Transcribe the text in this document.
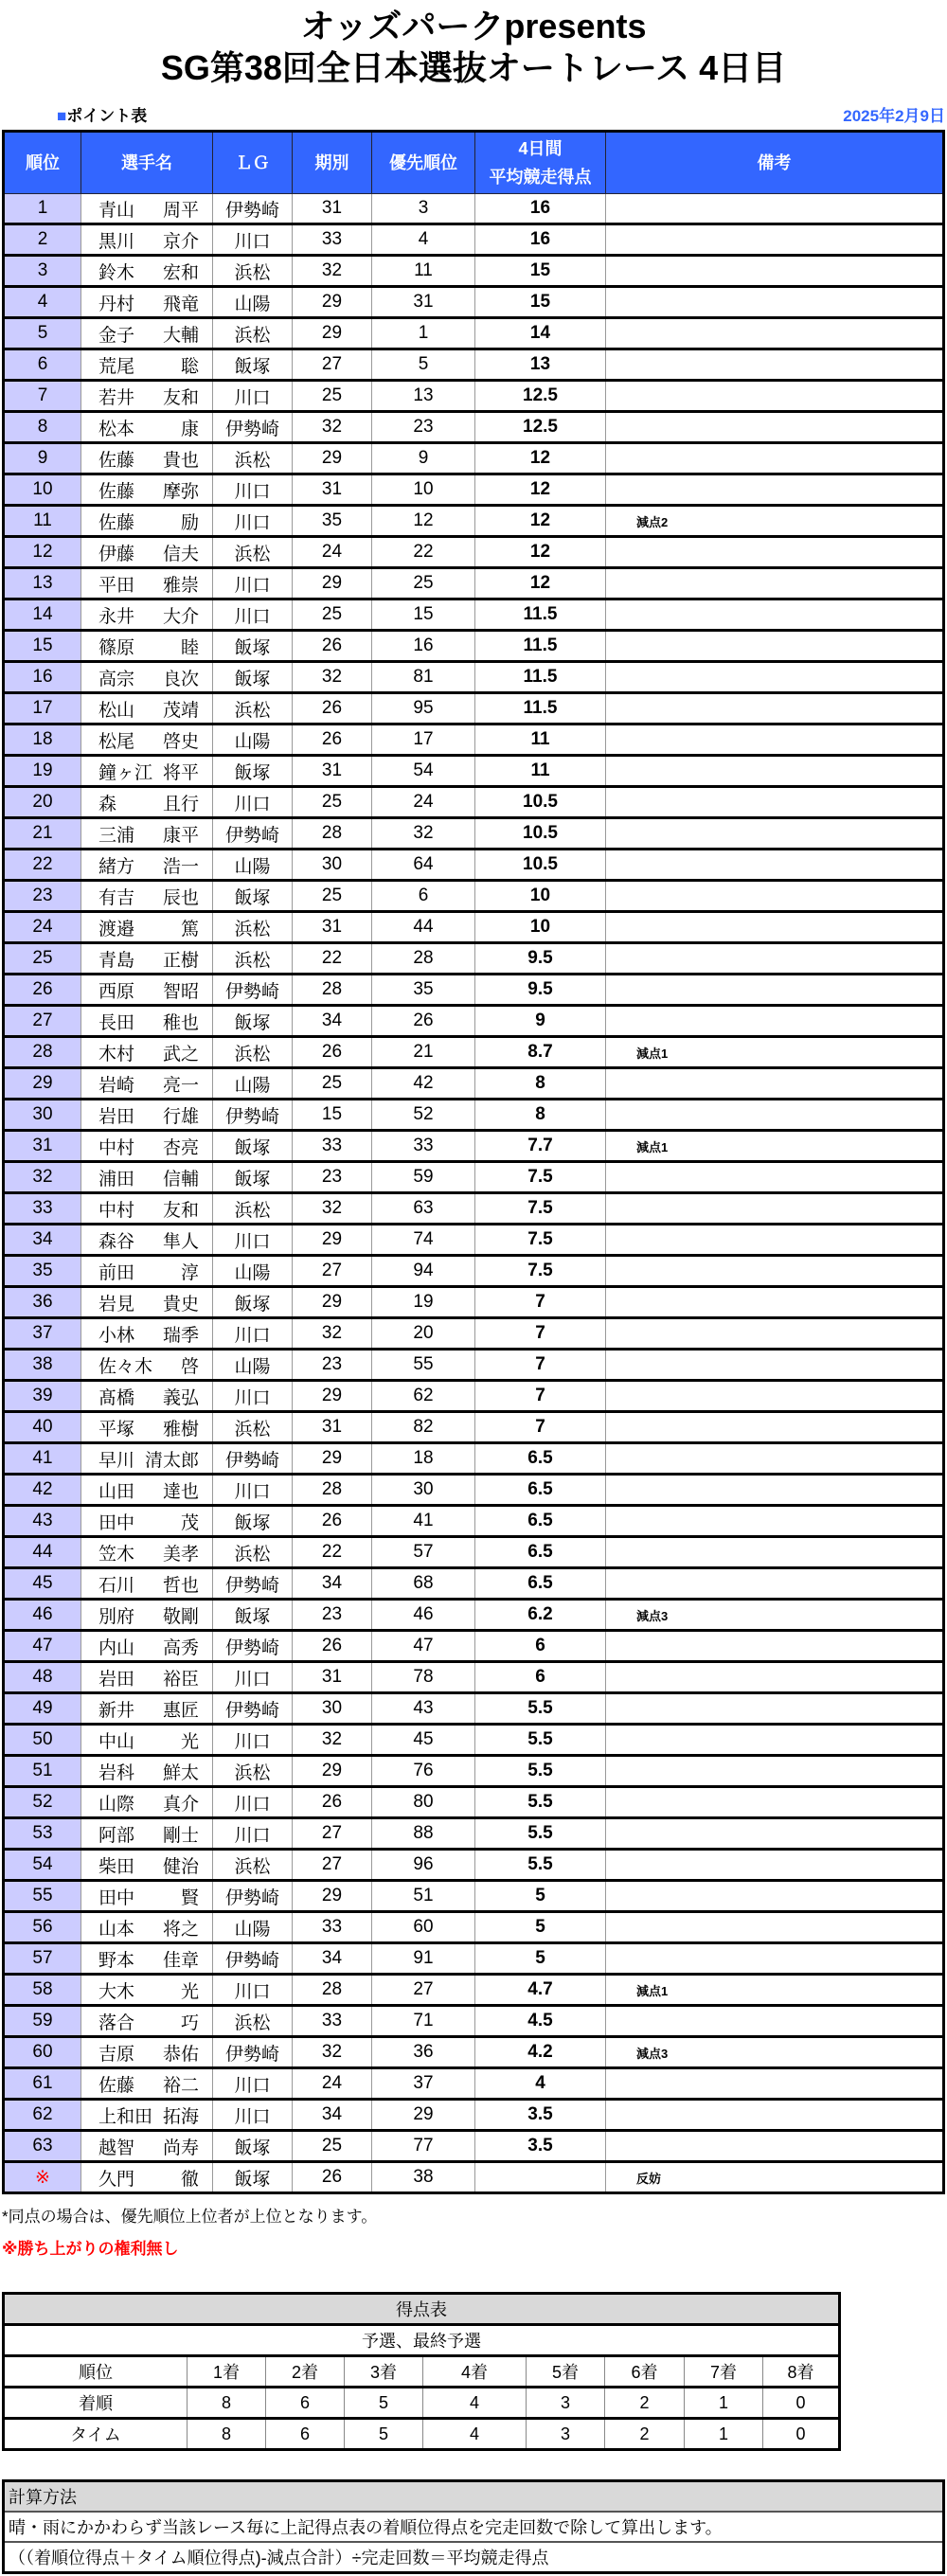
オッズパークpresents
SG第38回全日本選抜オートレース 4日目
■ポイント表	2025年2月9日
順位	選手名	ＬＧ	期別	優先順位	4日間
平均競走得点	備考
1	青山 周平	伊勢崎	31	3	16	
2	黒川 京介	川口	33	4	16	
3	鈴木 宏和	浜松	32	11	15	
4	丹村 飛竜	山陽	29	31	15	
5	金子 大輔	浜松	29	1	14	
6	荒尾 聡	飯塚	27	5	13	
7	若井 友和	川口	25	13	12.5	
8	松本 康	伊勢崎	32	23	12.5	
9	佐藤 貴也	浜松	29	9	12	
10	佐藤 摩弥	川口	31	10	12	
11	佐藤 励	川口	35	12	12	減点2
12	伊藤 信夫	浜松	24	22	12	
13	平田 雅崇	川口	29	25	12	
14	永井 大介	川口	25	15	11.5	
15	篠原 睦	飯塚	26	16	11.5	
16	高宗 良次	飯塚	32	81	11.5	
17	松山 茂靖	浜松	26	95	11.5	
18	松尾 啓史	山陽	26	17	11	
19	鐘ヶ江 将平	飯塚	31	54	11	
20	森 且行	川口	25	24	10.5	
21	三浦 康平	伊勢崎	28	32	10.5	
22	緒方 浩一	山陽	30	64	10.5	
23	有吉 辰也	飯塚	25	6	10	
24	渡邉 篤	浜松	31	44	10	
25	青島 正樹	浜松	22	28	9.5	
26	西原 智昭	伊勢崎	28	35	9.5	
27	長田 稚也	飯塚	34	26	9	
28	木村 武之	浜松	26	21	8.7	減点1
29	岩崎 亮一	山陽	25	42	8	
30	岩田 行雄	伊勢崎	15	52	8	
31	中村 杏亮	飯塚	33	33	7.7	減点1
32	浦田 信輔	飯塚	23	59	7.5	
33	中村 友和	浜松	32	63	7.5	
34	森谷 隼人	川口	29	74	7.5	
35	前田 淳	山陽	27	94	7.5	
36	岩見 貴史	飯塚	29	19	7	
37	小林 瑞季	川口	32	20	7	
38	佐々木 啓	山陽	23	55	7	
39	髙橋 義弘	川口	29	62	7	
40	平塚 雅樹	浜松	31	82	7	
41	早川 清太郎	伊勢崎	29	18	6.5	
42	山田 達也	川口	28	30	6.5	
43	田中 茂	飯塚	26	41	6.5	
44	笠木 美孝	浜松	22	57	6.5	
45	石川 哲也	伊勢崎	34	68	6.5	
46	別府 敬剛	飯塚	23	46	6.2	減点3
47	内山 高秀	伊勢崎	26	47	6	
48	岩田 裕臣	川口	31	78	6	
49	新井 惠匠	伊勢崎	30	43	5.5	
50	中山 光	川口	32	45	5.5	
51	岩科 鮮太	浜松	29	76	5.5	
52	山際 真介	川口	26	80	5.5	
53	阿部 剛士	川口	27	88	5.5	
54	柴田 健治	浜松	27	96	5.5	
55	田中 賢	伊勢崎	29	51	5	
56	山本 将之	山陽	33	60	5	
57	野本 佳章	伊勢崎	34	91	5	
58	大木 光	川口	28	27	4.7	減点1
59	落合 巧	浜松	33	71	4.5	
60	吉原 恭佑	伊勢崎	32	36	4.2	減点3
61	佐藤 裕二	川口	24	37	4	
62	上和田 拓海	川口	34	29	3.5	
63	越智 尚寿	飯塚	25	77	3.5	
※	久門 徹	飯塚	26	38		反妨
*同点の場合は、優先順位上位者が上位となります。
※勝ち上がりの権利無し
得点表								
予選、最終予選								
順位	1着	2着	3着	4着	5着	6着	7着	8着
着順	8	6	5	4	3	2	1	0
タイム	8	6	5	4	3	2	1	0
計算方法
晴・雨にかかわらず当該レース毎に上記得点表の着順位得点を完走回数で除して算出します。
（（着順位得点＋タイム順位得点)-減点合計）÷完走回数＝平均競走得点
